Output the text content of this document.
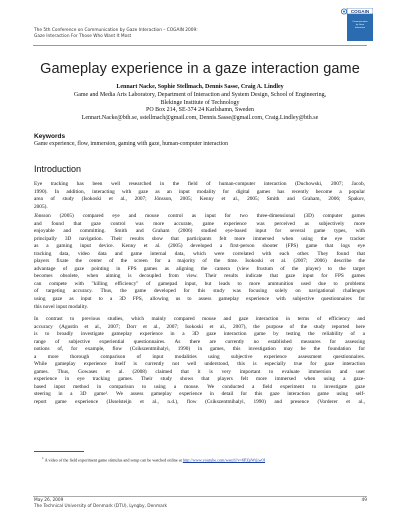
The 5th Conference on Communication by Gaze Interaction – COGAIN 2009:
Gaze Interaction For Those Who Want It Most
COGAIN
Communication
by Gaze
Interaction
Gameplay experience in a gaze interaction game
Lennart Nacke, Sophie Stellmach, Dennis Sasse, Craig A. Lindley
Game and Media Arts Laboratory, Department of Interaction and System Design, School of Engineering,
Blekinge Institute of Technology
PO Box 214, SE-374 24 Karlshamn, Sweden
Lennart.Nacke@bth.se, sstellmach@gmail.com, Dennis.Sasse@gmail.com, Craig.Lindley@bth.se
Keywords
Game experience, flow, immersion, gaming with gaze, human-computer interaction
Introduction
Eye tracking has been well researched in the field of human-computer interaction (Duchowski, 2007; Jacob,
1990). In addition, interacting with gaze as an input modality for digital games has recently become a popular
area of study (Isokoski et al., 2007; Jönsson, 2005; Kenny et al., 2005; Smith and Graham, 2006; Špakov,
2005).
Jönsson (2005) compared eye and mouse control as input for two three-dimensional (3D) computer games
and found that gaze control was more accurate, game experience was perceived as subjectively more
enjoyable and committing. Smith and Graham (2006) studied eye-based input for several game types, with
principally 3D navigation. Their results show that participants felt more immersed when using the eye tracker
as a gaming input device. Kenny et al. (2005) developed a first-person shooter (FPS) game that logs eye
tracking data, video data and game internal data, which were correlated with each other. They found that
players fixate the center of the screen for a majority of the time. Isokoski et al. (2007; 2006) describe the
advantage of gaze pointing in FPS games as aligning the camera (view frustum of the player) to the target
becomes obsolete, when aiming is decoupled from view. Their results indicate that gaze input for FPS games
can compete with "killing efficiency" of gamepad input, but leads to more ammunition used due to problems
of targeting accuracy. Thus, the game developed for this study was focusing solely on navigational challenges
using gaze as input to a 3D FPS, allowing us to assess gameplay experience with subjective questionnaires for
this novel input modality.
In contrast to previous studies, which mainly compared mouse and gaze interaction in terms of efficiency and
accuracy (Agustin et al., 2007; Dorr et al., 2007; Isokoski et al., 2007), the purpose of the study reported here
is to broadly investigate gameplay experience in a 3D gaze interaction game by testing the reliability of a
range of subjective experiential questionnaires. As there are currently no established measures for assessing
notions of, for example, flow (Csikszentmihalyi, 1990) in games, this investigation may be the foundation for
a more thorough comparison of input modalities using subjective experience assessment questionnaires.
While gameplay experience itself is currently not well understood, this is especially true for gaze interaction
games. Thus, Gowases et al. (2008) claimed that it is very important to evaluate immersion and user
experience in eye tracking games. Their study shows that players felt more immersed when using a gaze-
based input method in comparison to using a mouse. We conducted a field experiment to investigate gaze
steering in a 3D game¹. We assess gameplay experience in detail for this gaze interaction game using self-
report game experience (IJsselsteijn et al., n.d.), flow (Csikszentmihalyi, 1990) and presence (Vorderer et al.,
$^1$ A video of the field experiment game stimulus and setup can be watched online at http://www.youtube.com/watch?v=6PZpWrjjw0I
May 26, 2009
The Technical University of Denmark (DTU), Lyngby, Denmark
49
